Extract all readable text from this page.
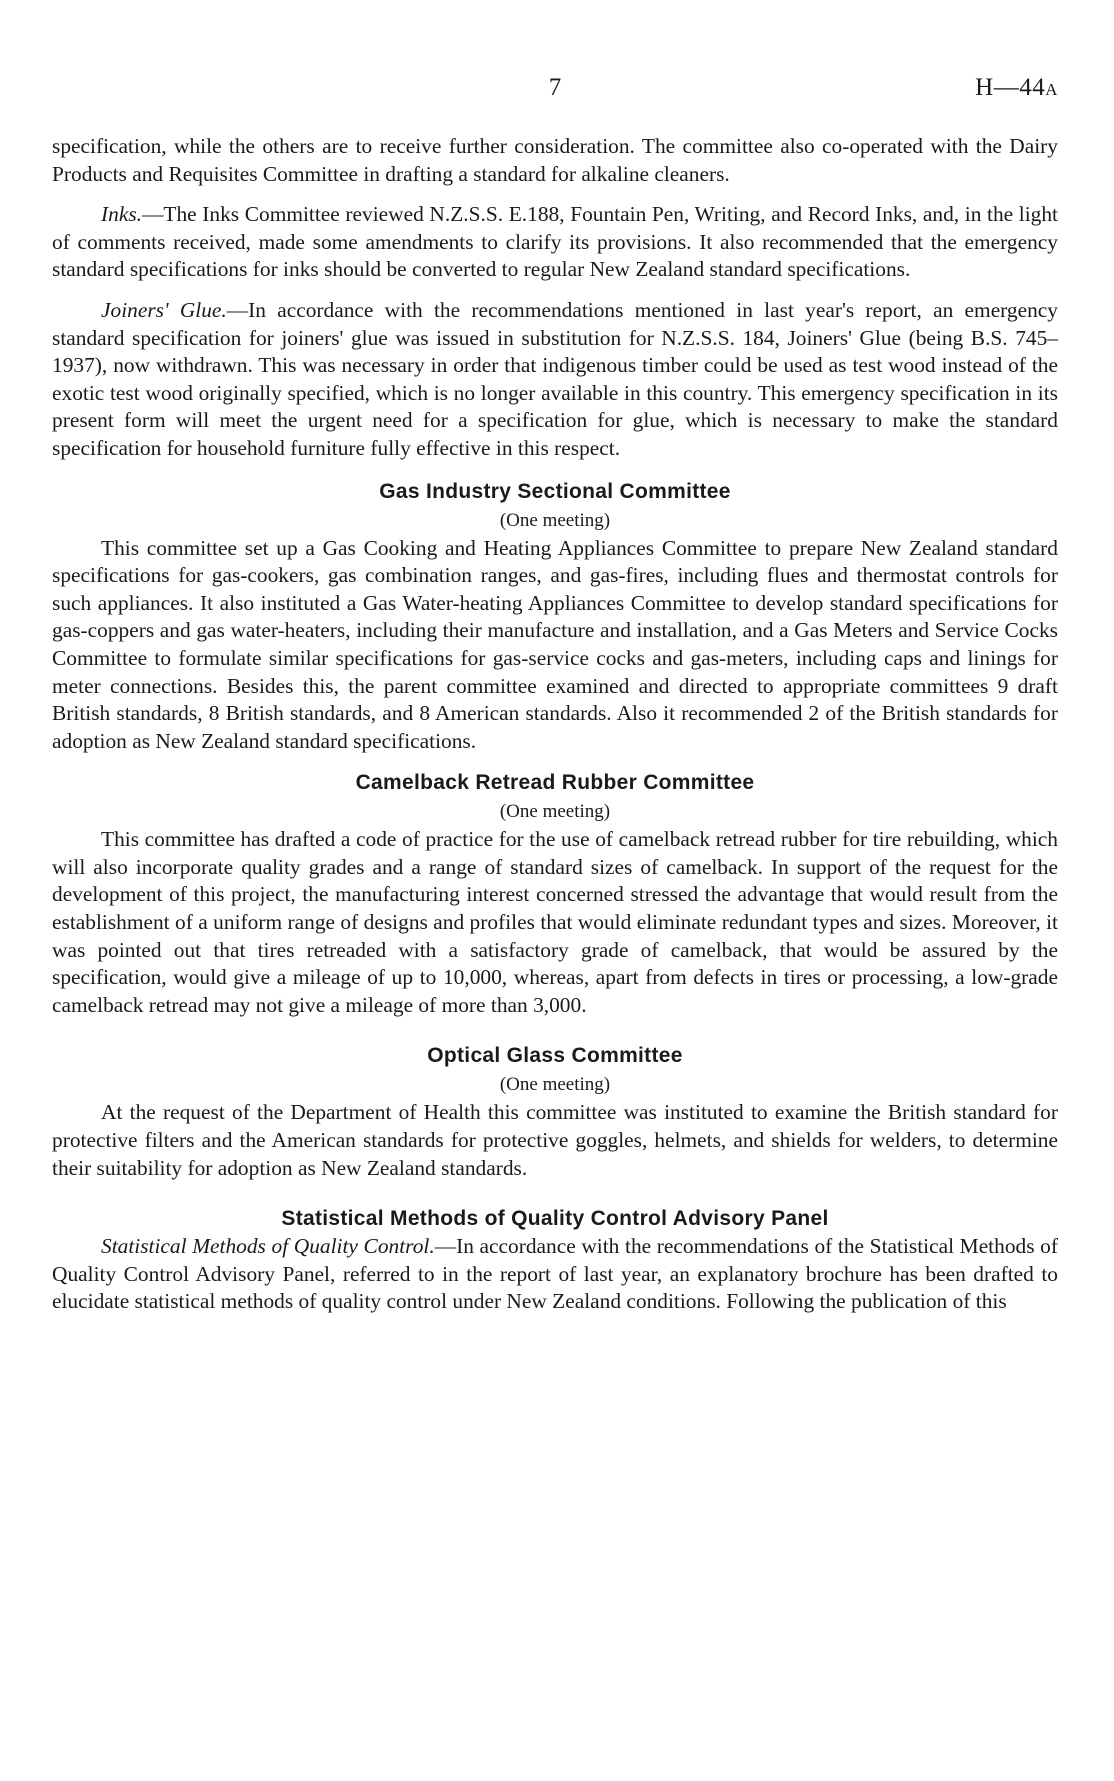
7	H—44A

specification, while the others are to receive further consideration. The committee also co-operated with the Dairy Products and Requisites Committee in drafting a standard for alkaline cleaners.

Inks.—The Inks Committee reviewed N.Z.S.S. E.188, Fountain Pen, Writing, and Record Inks, and, in the light of comments received, made some amendments to clarify its provisions. It also recommended that the emergency standard specifications for inks should be converted to regular New Zealand standard specifications.

Joiners' Glue.—In accordance with the recommendations mentioned in last year's report, an emergency standard specification for joiners' glue was issued in substitution for N.Z.S.S. 184, Joiners' Glue (being B.S. 745–1937), now withdrawn. This was necessary in order that indigenous timber could be used as test wood instead of the exotic test wood originally specified, which is no longer available in this country. This emergency specification in its present form will meet the urgent need for a specification for glue, which is necessary to make the standard specification for household furniture fully effective in this respect.

Gas Industry Sectional Committee

(One meeting)

This committee set up a Gas Cooking and Heating Appliances Committee to prepare New Zealand standard specifications for gas-cookers, gas combination ranges, and gas-fires, including flues and thermostat controls for such appliances. It also instituted a Gas Water-heating Appliances Committee to develop standard specifications for gas-coppers and gas water-heaters, including their manufacture and installation, and a Gas Meters and Service Cocks Committee to formulate similar specifications for gas-service cocks and gas-meters, including caps and linings for meter connections. Besides this, the parent committee examined and directed to appropriate committees 9 draft British standards, 8 British standards, and 8 American standards. Also it recommended 2 of the British standards for adoption as New Zealand standard specifications.

Camelback Retread Rubber Committee

(One meeting)

This committee has drafted a code of practice for the use of camelback retread rubber for tire rebuilding, which will also incorporate quality grades and a range of standard sizes of camelback. In support of the request for the development of this project, the manufacturing interest concerned stressed the advantage that would result from the establishment of a uniform range of designs and profiles that would eliminate redundant types and sizes. Moreover, it was pointed out that tires retreaded with a satisfactory grade of camelback, that would be assured by the specification, would give a mileage of up to 10,000, whereas, apart from defects in tires or processing, a low-grade camelback retread may not give a mileage of more than 3,000.

Optical Glass Committee

(One meeting)

At the request of the Department of Health this committee was instituted to examine the British standard for protective filters and the American standards for protective goggles, helmets, and shields for welders, to determine their suitability for adoption as New Zealand standards.

Statistical Methods of Quality Control Advisory Panel

Statistical Methods of Quality Control.—In accordance with the recommendations of the Statistical Methods of Quality Control Advisory Panel, referred to in the report of last year, an explanatory brochure has been drafted to elucidate statistical methods of quality control under New Zealand conditions. Following the publication of this
